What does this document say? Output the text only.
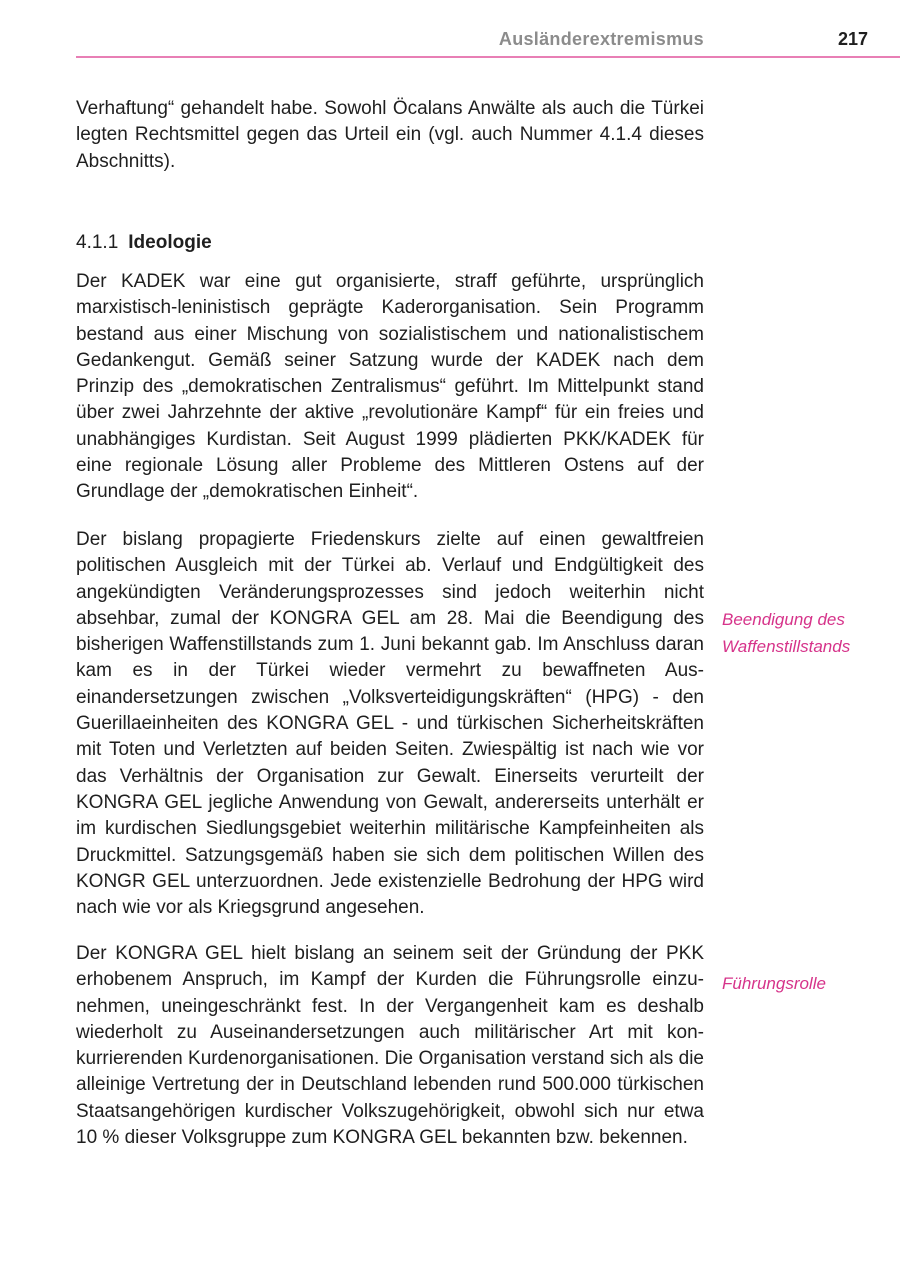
Ausländerextremismus	217

Verhaftung“ gehandelt habe. Sowohl Öcalans Anwälte als auch die Türkei legten Rechtsmittel gegen das Urteil ein (vgl. auch Nummer 4.1.4 dieses Abschnitts).

4.1.1 Ideologie

Der KADEK war eine gut organisierte, straff geführte, ursprünglich marxistisch-leninistisch geprägte Kaderorganisation. Sein Programm bestand aus einer Mischung von sozialistischem und nationalistischem Gedankengut. Gemäß seiner Satzung wurde der KADEK nach dem Prinzip des „demokratischen Zentralismus“ geführt. Im Mittelpunkt stand über zwei Jahrzehnte der aktive „revolutionäre Kampf“ für ein freies und unabhängiges Kurdistan. Seit August 1999 plädierten PKK/KADEK für eine regionale Lösung aller Probleme des Mittleren Ostens auf der Grundlage der „demokratischen Einheit“.

Der bislang propagierte Friedenskurs zielte auf einen gewaltfreien politischen Ausgleich mit der Türkei ab. Verlauf und Endgültigkeit des angekündigten Veränderungsprozesses sind jedoch weiterhin nicht absehbar, zumal der KONGRA GEL am 28. Mai die Beendigung des bisherigen Waffenstillstands zum 1. Juni bekannt gab. Im Anschluss daran kam es in der Türkei wieder vermehrt zu bewaffneten Auseinandersetzungen zwischen „Volksverteidigungskräften“ (HPG) - den Guerillaeinheiten des KONGRA GEL - und türkischen Sicherheitskräften mit Toten und Verletzten auf beiden Seiten. Zwiespältig ist nach wie vor das Verhältnis der Organisation zur Gewalt. Einerseits verurteilt der KONGRA GEL jegliche Anwendung von Gewalt, andererseits unterhält er im kurdischen Siedlungsgebiet weiterhin militärische Kampfeinheiten als Druckmittel. Satzungsgemäß haben sie sich dem politischen Willen des KONGR GEL unterzuordnen. Jede existenzielle Bedrohung der HPG wird nach wie vor als Kriegsgrund angesehen.

Der KONGRA GEL hielt bislang an seinem seit der Gründung der PKK erhobenem Anspruch, im Kampf der Kurden die Führungsrolle einzunehmen, uneingeschränkt fest. In der Vergangenheit kam es deshalb wiederholt zu Auseinandersetzungen auch militärischer Art mit konkurrierenden Kurdenorganisationen. Die Organisation verstand sich als die alleinige Vertretung der in Deutschland lebenden rund 500.000 türkischen Staatsangehörigen kurdischer Volkszugehörigkeit, obwohl sich nur etwa 10 % dieser Volksgruppe zum KONGRA GEL bekannten bzw. bekennen.

Beendigung des Waffenstillstands
Führungsrolle
